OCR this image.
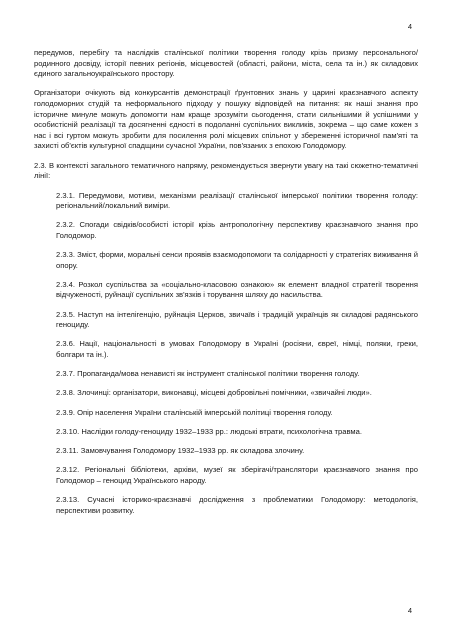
4

передумов, перебігу та наслідків сталінської політики творення голоду крізь призму персонального/родинного досвіду, історії певних регіонів, місцевостей (області, райони, міста, села та ін.) як складових єдиного загальноукраїнського простору.

Організатори очікують від конкурсантів демонстрації ґрунтовних знань у царині краєзнавчого аспекту голодоморних студій та неформального підходу у пошуку відповідей на питання: як наші знання про історичне минуле можуть допомогти нам краще зрозуміти сьогодення, стати сильнішими й успішними у особистісній реалізації та досягненні єдності в подоланні суспільних викликів, зокрема – що саме кожен з нас і всі гуртом можуть зробити для посилення ролі місцевих спільнот у збереженні історичної пам'яті та захисті об'єктів культурної спадщини сучасної України, пов'язаних з епохою Голодомору.

2.3. В контексті загального тематичного напряму, рекомендується звернути увагу на такі сюжетно-тематичні лінії:

2.3.1. Передумови, мотиви, механізми реалізації сталінської імперської політики творення голоду: регіональний/локальний виміри.

2.3.2. Спогади свідків/особисті історії крізь антропологічну перспективу краєзнавчого знання про Голодомор.

2.3.3. Зміст, форми, моральні сенси проявів взаємодопомоги та солідарності у стратегіях виживання й опору.

2.3.4. Розкол суспільства за «соціально-класовою ознакою» як елемент владної стратегії творення відчуженості, руйнації суспільних зв'язків і торування шляху до насильства.

2.3.5. Наступ на інтелігенцію, руйнація Церков, звичаїв і традицій українців як складові радянського геноциду.

2.3.6. Нації, національності в умовах Голодомору в Україні (росіяни, євреї, німці, поляки, греки, болгари та ін.).

2.3.7. Пропаганда/мова ненависті як інструмент сталінської політики творення голоду.

2.3.8. Злочинці: організатори, виконавці, місцеві добровільні помічники, «звичайні люди».

2.3.9. Опір населення України сталінській імперській політиці творення голоду.

2.3.10. Наслідки голоду-геноциду 1932–1933 рр.: людські втрати, психологічна травма.

2.3.11. Замовчування Голодомору 1932–1933 рр. як складова злочину.

2.3.12. Регіональні бібліотеки, архіви, музеї як зберігачі/транслятори краєзнавчого знання про Голодомор – геноцид Українського народу.

2.3.13. Сучасні історико-краєзнавчі дослідження з проблематики Голодомору: методологія, перспективи розвитку.

4
